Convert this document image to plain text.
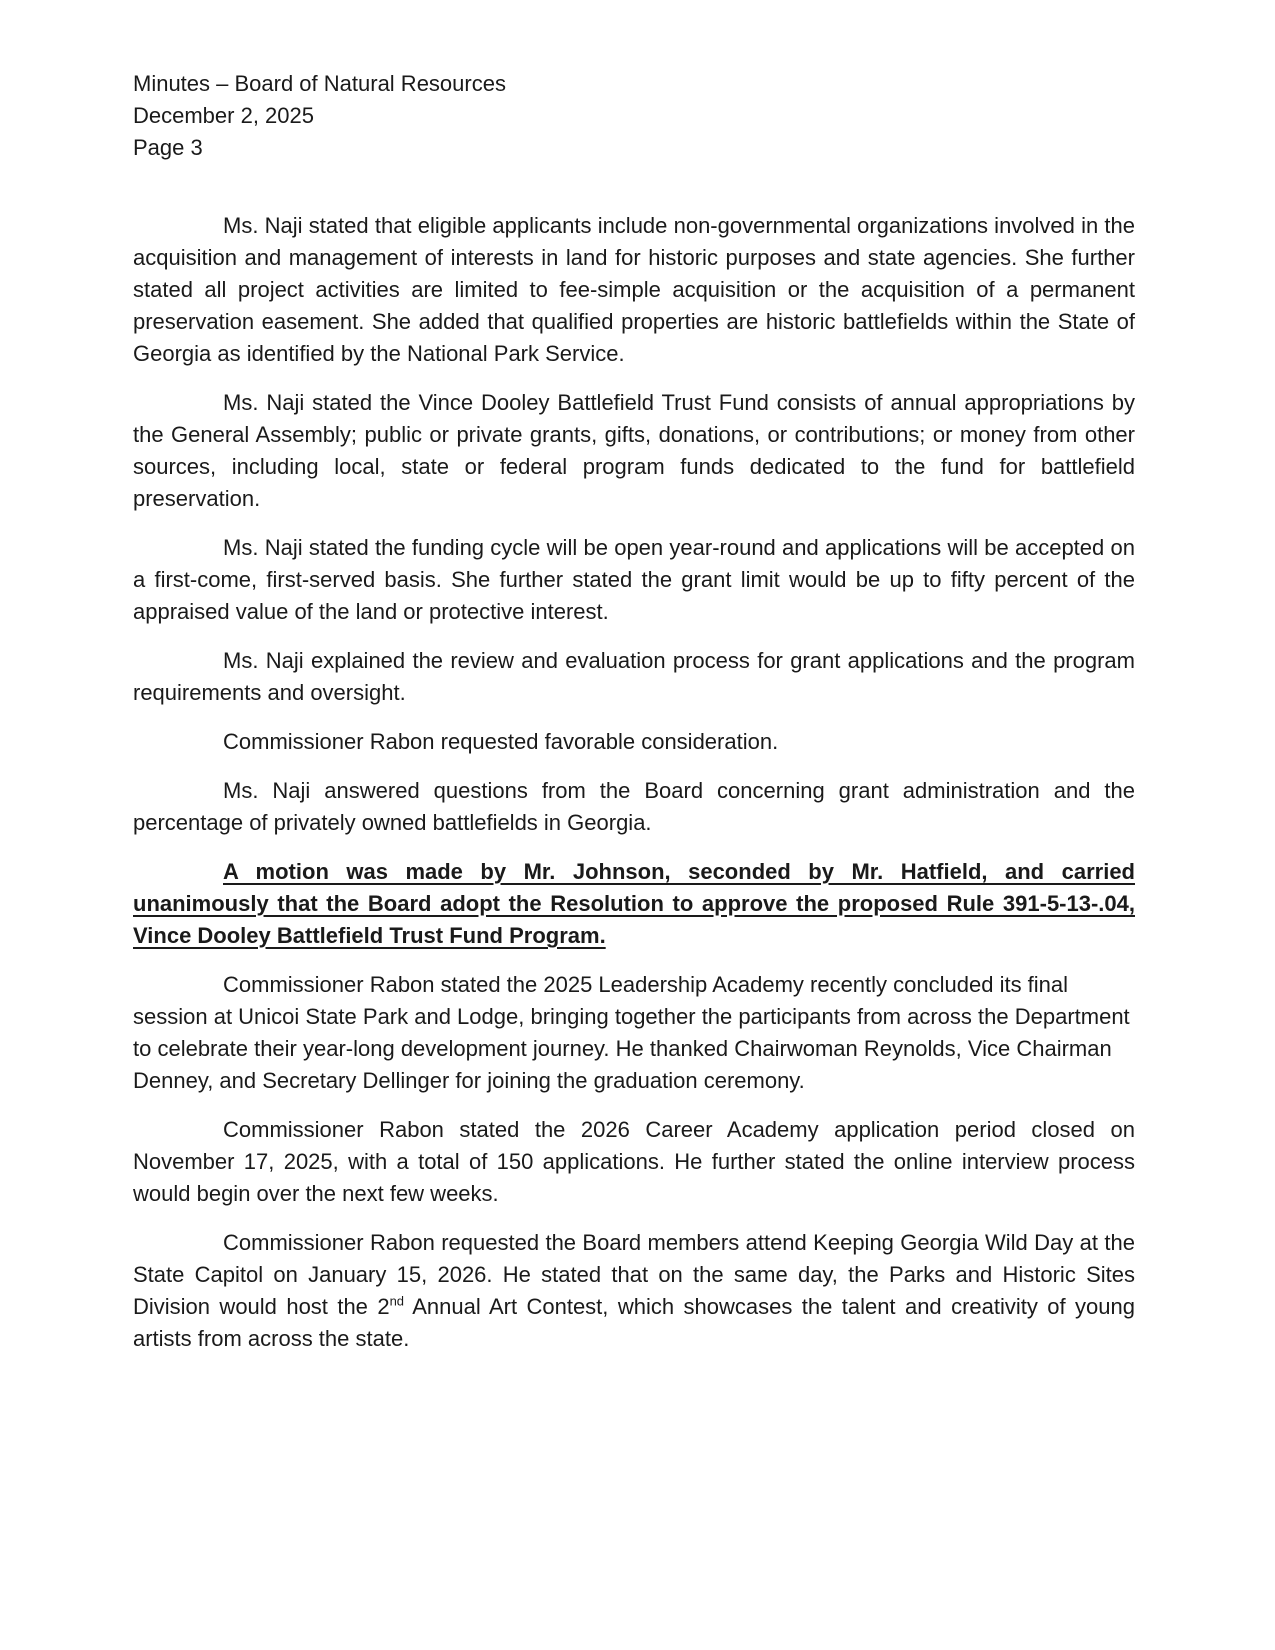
Minutes – Board of Natural Resources
December 2, 2025
Page 3

Ms. Naji stated that eligible applicants include non-governmental organizations involved in the acquisition and management of interests in land for historic purposes and state agencies. She further stated all project activities are limited to fee-simple acquisition or the acquisition of a permanent preservation easement. She added that qualified properties are historic battlefields within the State of Georgia as identified by the National Park Service.

Ms. Naji stated the Vince Dooley Battlefield Trust Fund consists of annual appropriations by the General Assembly; public or private grants, gifts, donations, or contributions; or money from other sources, including local, state or federal program funds dedicated to the fund for battlefield preservation.

Ms. Naji stated the funding cycle will be open year-round and applications will be accepted on a first-come, first-served basis. She further stated the grant limit would be up to fifty percent of the appraised value of the land or protective interest.

Ms. Naji explained the review and evaluation process for grant applications and the program requirements and oversight.

Commissioner Rabon requested favorable consideration.

Ms. Naji answered questions from the Board concerning grant administration and the percentage of privately owned battlefields in Georgia.

A motion was made by Mr. Johnson, seconded by Mr. Hatfield, and carried unanimously that the Board adopt the Resolution to approve the proposed Rule 391-5-13-.04, Vince Dooley Battlefield Trust Fund Program.

Commissioner Rabon stated the 2025 Leadership Academy recently concluded its final session at Unicoi State Park and Lodge, bringing together the participants from across the Department to celebrate their year-long development journey. He thanked Chairwoman Reynolds, Vice Chairman Denney, and Secretary Dellinger for joining the graduation ceremony.

Commissioner Rabon stated the 2026 Career Academy application period closed on November 17, 2025, with a total of 150 applications. He further stated the online interview process would begin over the next few weeks.

Commissioner Rabon requested the Board members attend Keeping Georgia Wild Day at the State Capitol on January 15, 2026. He stated that on the same day, the Parks and Historic Sites Division would host the 2nd Annual Art Contest, which showcases the talent and creativity of young artists from across the state.
